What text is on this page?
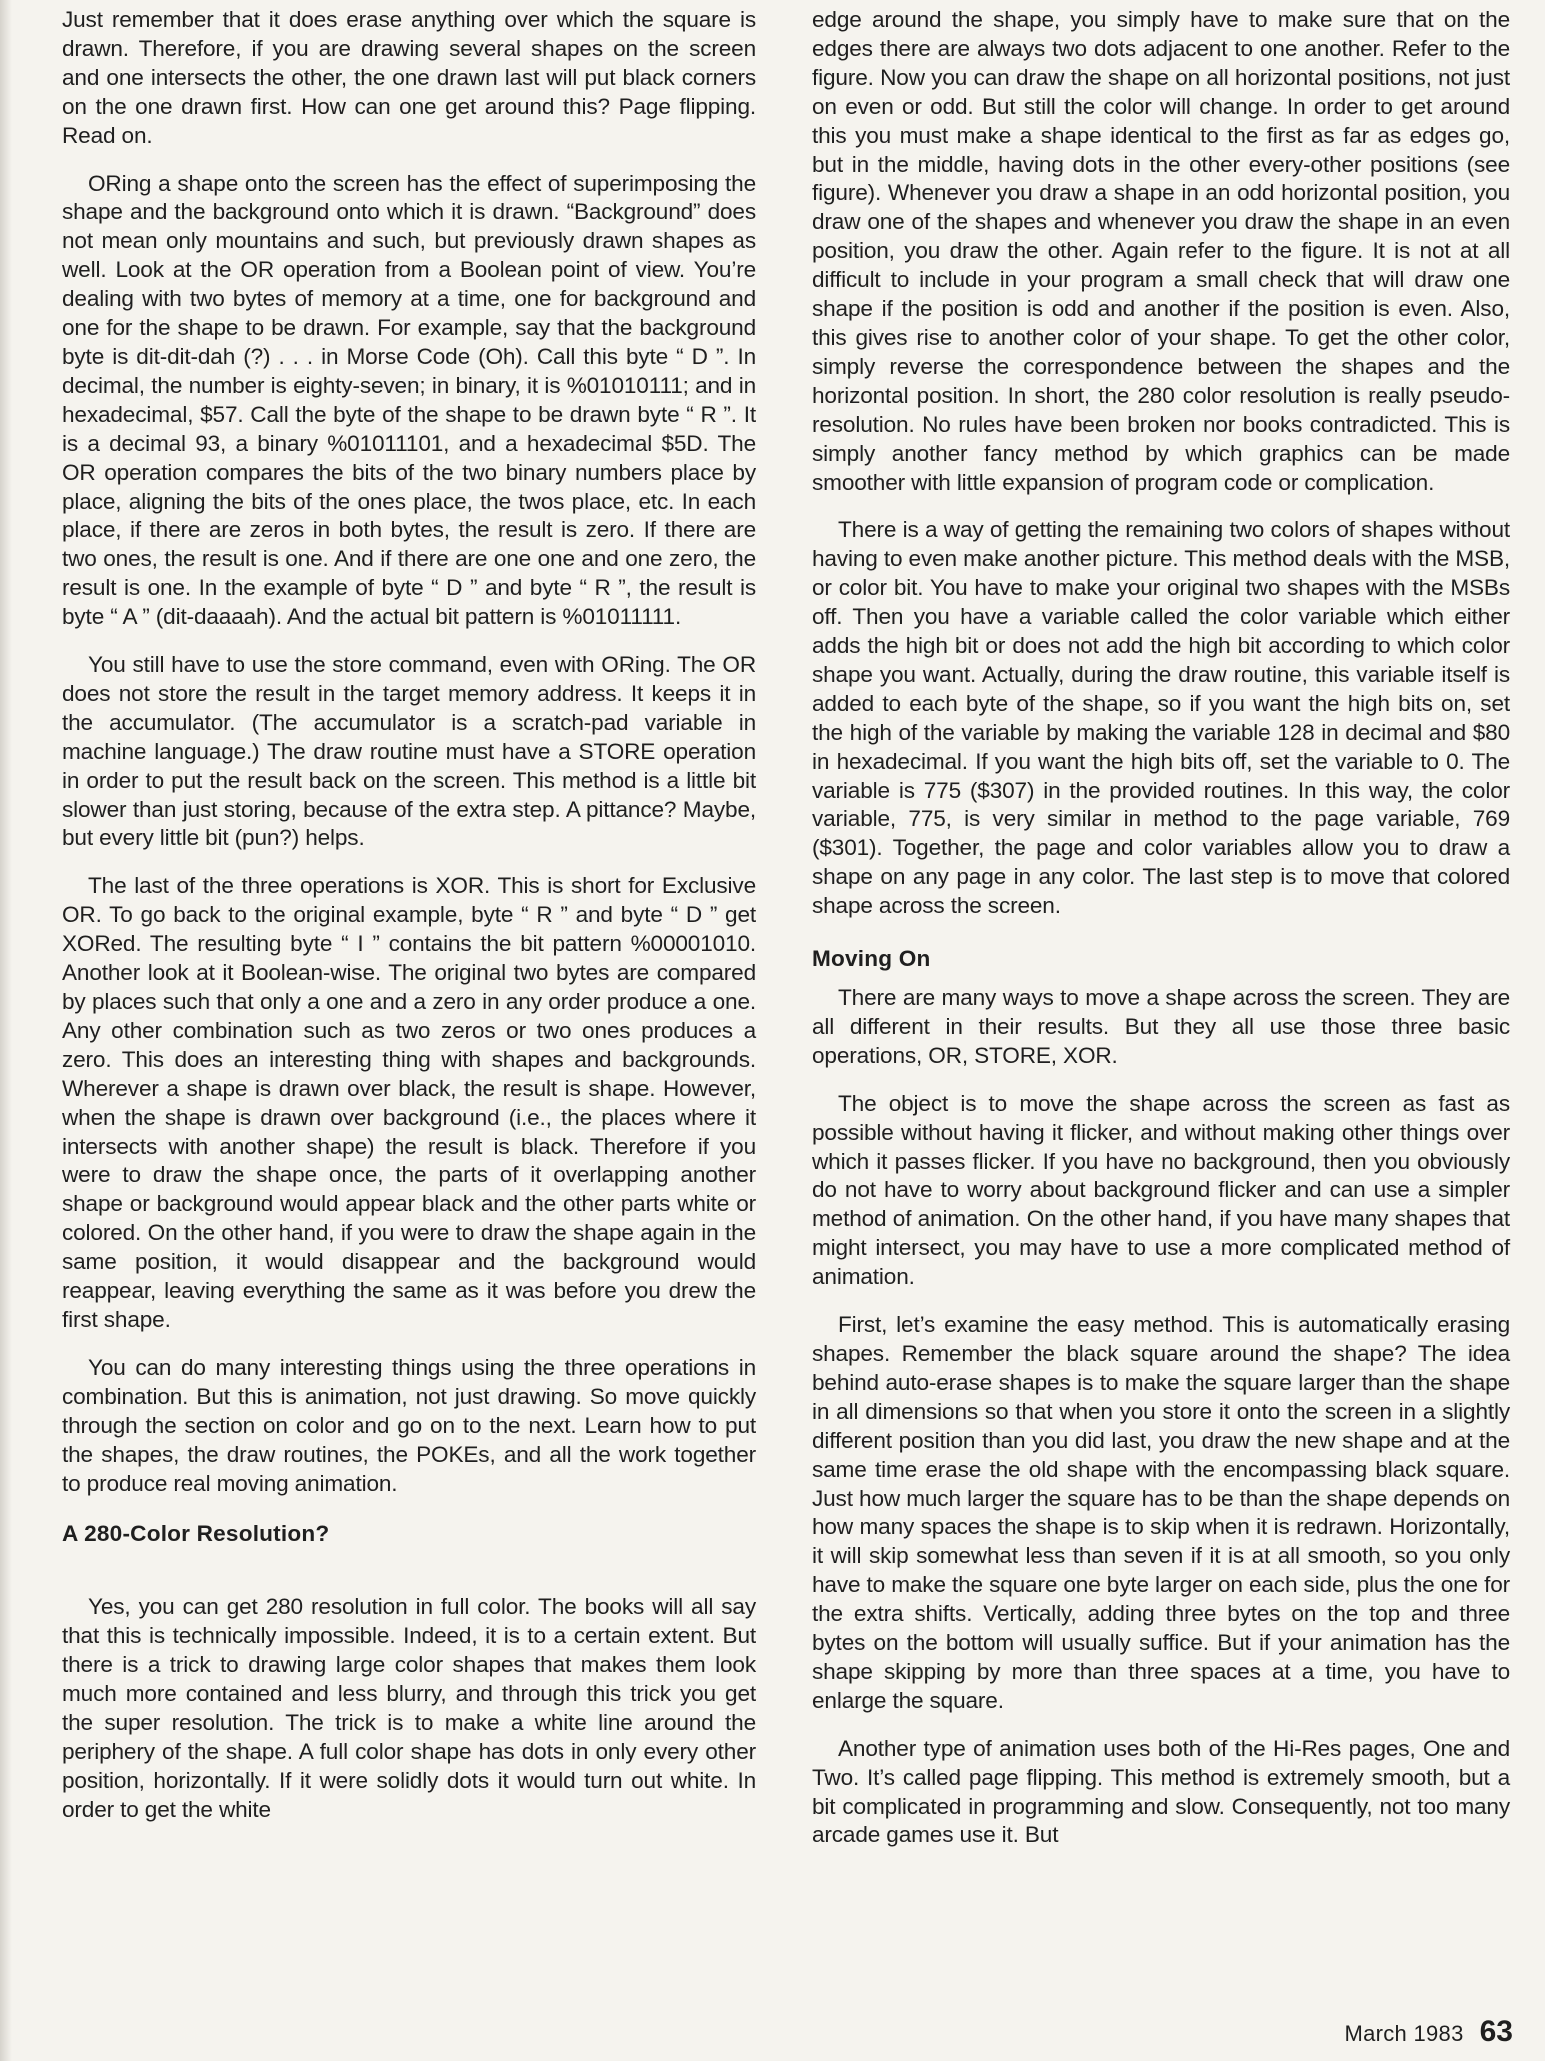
Just remember that it does erase anything over which the square is drawn. Therefore, if you are drawing several shapes on the screen and one intersects the other, the one drawn last will put black corners on the one drawn first. How can one get around this? Page flipping. Read on.

ORing a shape onto the screen has the effect of superimposing the shape and the background onto which it is drawn. “Background” does not mean only mountains and such, but previously drawn shapes as well. Look at the OR operation from a Boolean point of view. You’re dealing with two bytes of memory at a time, one for background and one for the shape to be drawn. For example, say that the background byte is dit-dit-dah (?) . . . in Morse Code (Oh). Call this byte “ D ”. In decimal, the number is eighty-seven; in binary, it is %01010111; and in hexadecimal, $57. Call the byte of the shape to be drawn byte “ R ”. It is a decimal 93, a binary %01011101, and a hexadecimal $5D. The OR operation compares the bits of the two binary numbers place by place, aligning the bits of the ones place, the twos place, etc. In each place, if there are zeros in both bytes, the result is zero. If there are two ones, the result is one. And if there are one one and one zero, the result is one. In the example of byte “ D ” and byte “ R ”, the result is byte “ A ” (dit-daaaah). And the actual bit pattern is %01011111.

You still have to use the store command, even with ORing. The OR does not store the result in the target memory address. It keeps it in the accumulator. (The accumulator is a scratch-pad variable in machine language.) The draw routine must have a STORE operation in order to put the result back on the screen. This method is a little bit slower than just storing, because of the extra step. A pittance? Maybe, but every little bit (pun?) helps.

The last of the three operations is XOR. This is short for Exclusive OR. To go back to the original example, byte “ R ” and byte “ D ” get XORed. The resulting byte “ I ” contains the bit pattern %00001010. Another look at it Boolean-wise. The original two bytes are compared by places such that only a one and a zero in any order produce a one. Any other combination such as two zeros or two ones produces a zero. This does an interesting thing with shapes and backgrounds. Wherever a shape is drawn over black, the result is shape. However, when the shape is drawn over background (i.e., the places where it intersects with another shape) the result is black. Therefore if you were to draw the shape once, the parts of it overlapping another shape or background would appear black and the other parts white or colored. On the other hand, if you were to draw the shape again in the same position, it would disappear and the background would reappear, leaving everything the same as it was before you drew the first shape.

You can do many interesting things using the three operations in combination. But this is animation, not just drawing. So move quickly through the section on color and go on to the next. Learn how to put the shapes, the draw routines, the POKEs, and all the work together to produce real moving animation.

A 280-Color Resolution?

Yes, you can get 280 resolution in full color. The books will all say that this is technically impossible. Indeed, it is to a certain extent. But there is a trick to drawing large color shapes that makes them look much more contained and less blurry, and through this trick you get the super resolution. The trick is to make a white line around the periphery of the shape. A full color shape has dots in only every other position, horizontally. If it were solidly dots it would turn out white. In order to get the white

edge around the shape, you simply have to make sure that on the edges there are always two dots adjacent to one another. Refer to the figure. Now you can draw the shape on all horizontal positions, not just on even or odd. But still the color will change. In order to get around this you must make a shape identical to the first as far as edges go, but in the middle, having dots in the other every-other positions (see figure). Whenever you draw a shape in an odd horizontal position, you draw one of the shapes and whenever you draw the shape in an even position, you draw the other. Again refer to the figure. It is not at all difficult to include in your program a small check that will draw one shape if the position is odd and another if the position is even. Also, this gives rise to another color of your shape. To get the other color, simply reverse the correspondence between the shapes and the horizontal position. In short, the 280 color resolution is really pseudo-resolution. No rules have been broken nor books contradicted. This is simply another fancy method by which graphics can be made smoother with little expansion of program code or complication.

There is a way of getting the remaining two colors of shapes without having to even make another picture. This method deals with the MSB, or color bit. You have to make your original two shapes with the MSBs off. Then you have a variable called the color variable which either adds the high bit or does not add the high bit according to which color shape you want. Actually, during the draw routine, this variable itself is added to each byte of the shape, so if you want the high bits on, set the high of the variable by making the variable 128 in decimal and $80 in hexadecimal. If you want the high bits off, set the variable to 0. The variable is 775 ($307) in the provided routines. In this way, the color variable, 775, is very similar in method to the page variable, 769 ($301). Together, the page and color variables allow you to draw a shape on any page in any color. The last step is to move that colored shape across the screen.

Moving On

There are many ways to move a shape across the screen. They are all different in their results. But they all use those three basic operations, OR, STORE, XOR.

The object is to move the shape across the screen as fast as possible without having it flicker, and without making other things over which it passes flicker. If you have no background, then you obviously do not have to worry about background flicker and can use a simpler method of animation. On the other hand, if you have many shapes that might intersect, you may have to use a more complicated method of animation.

First, let’s examine the easy method. This is automatically erasing shapes. Remember the black square around the shape? The idea behind auto-erase shapes is to make the square larger than the shape in all dimensions so that when you store it onto the screen in a slightly different position than you did last, you draw the new shape and at the same time erase the old shape with the encompassing black square. Just how much larger the square has to be than the shape depends on how many spaces the shape is to skip when it is redrawn. Horizontally, it will skip somewhat less than seven if it is at all smooth, so you only have to make the square one byte larger on each side, plus the one for the extra shifts. Vertically, adding three bytes on the top and three bytes on the bottom will usually suffice. But if your animation has the shape skipping by more than three spaces at a time, you have to enlarge the square.

Another type of animation uses both of the Hi-Res pages, One and Two. It’s called page flipping. This method is extremely smooth, but a bit complicated in programming and slow. Consequently, not too many arcade games use it. But

March 1983 63
